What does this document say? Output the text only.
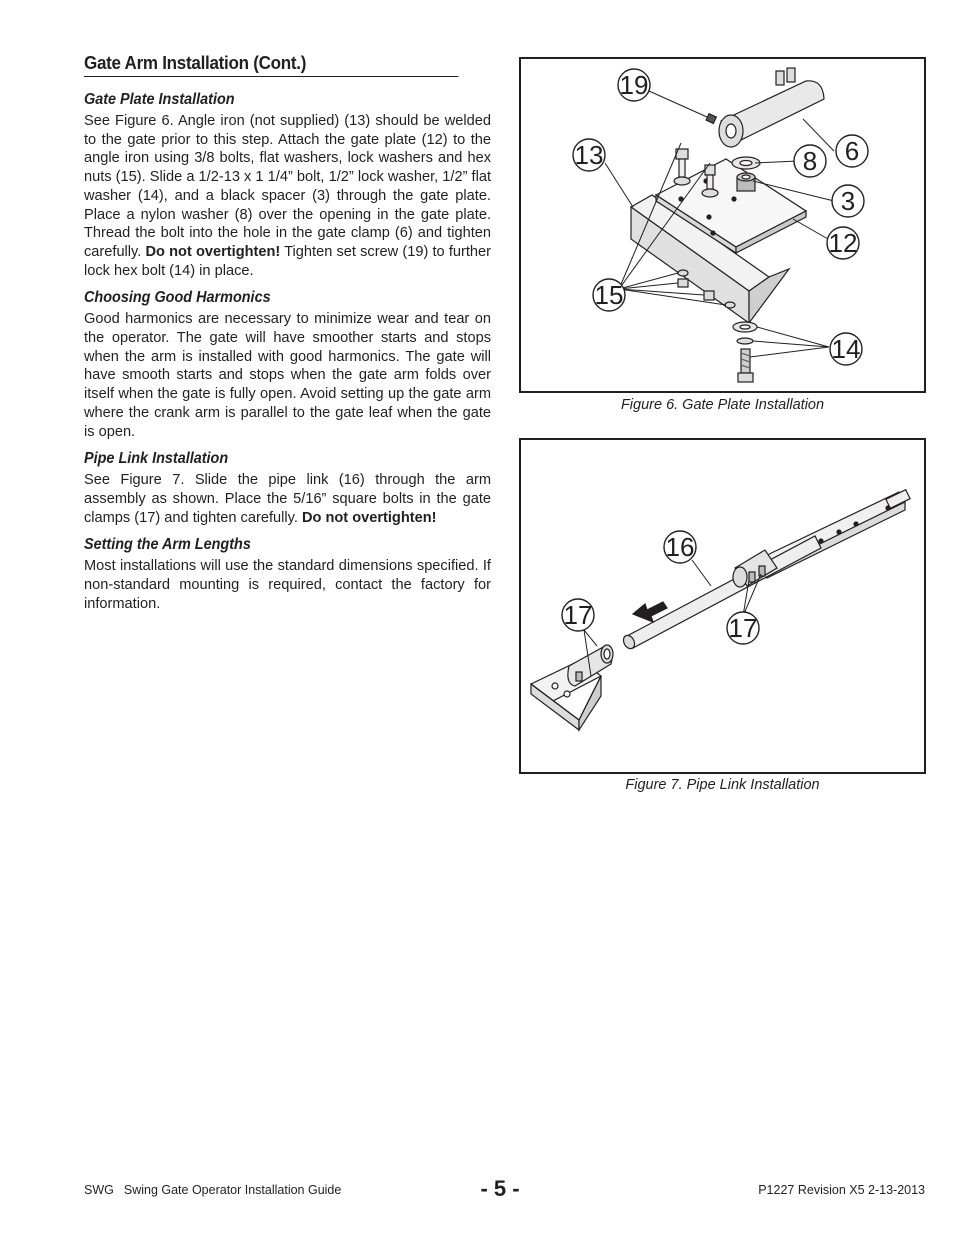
Gate Arm Installation (Cont.)
Gate Plate Installation

See Figure 6. Angle iron (not supplied) (13) should be welded to the gate prior to this step. Attach the gate plate (12) to the angle iron using 3/8 bolts, flat washers, lock washers and hex nuts (15). Slide a 1/2-13 x 1 1/4” bolt, 1/2” lock washer, 1/2” flat washer (14), and a black spacer (3) through the gate plate. Place a nylon washer (8) over the opening in the gate plate. Thread the bolt into the hole in the gate clamp (6) and tighten carefully. Do not overtighten! Tighten set screw (19) to further lock hex bolt (14) in place.

Choosing Good Harmonics

Good harmonics are necessary to minimize wear and tear on the operator. The gate will have smoother starts and stops when the arm is installed with good harmonics. The gate will have smooth starts and stops when the gate arm folds over itself when the gate is fully open. Avoid setting up the gate arm where the crank arm is parallel to the gate leaf when the gate is open.

Pipe Link Installation

See Figure 7. Slide the pipe link (16) through the arm assembly as shown. Place the 5/16” square bolts in the gate clamps (17) and tighten carefully. Do not overtighten!

Setting the Arm Lengths

Most installations will use the standard dimensions specified. If non-standard mounting is required, contact the factory for information.

19
13	8 6
3
12
15
14
Figure 6. Gate Plate Installation
16
17	17
Figure 7. Pipe Link Installation
SWG Swing Gate Operator Installation Guide	- 5 -	P1227 Revision X5 2-13-2013
